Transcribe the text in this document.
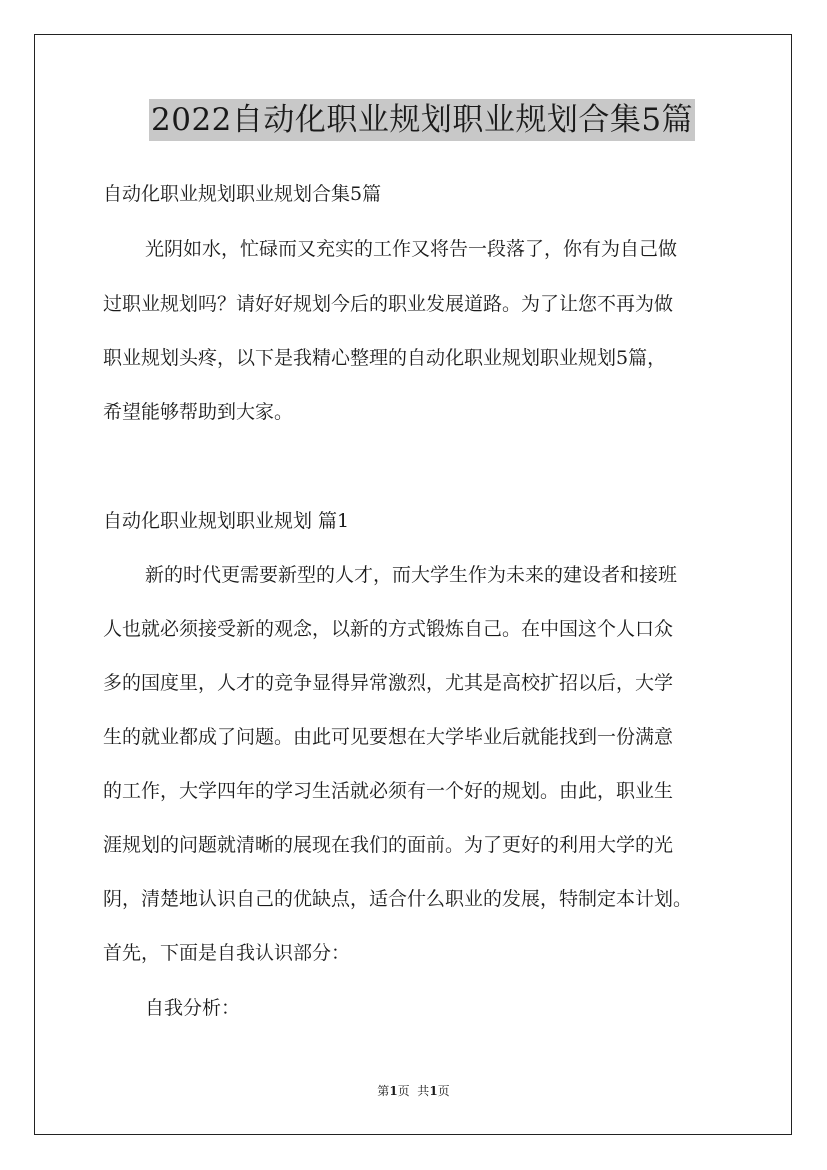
2022自动化职业规划职业规划合集5篇
自动化职业规划职业规划合集5篇
光阴如水，忙碌而又充实的工作又将告一段落了，你有为自己做
过职业规划吗？请好好规划今后的职业发展道路。为了让您不再为做
职业规划头疼，以下是我精心整理的自动化职业规划职业规划5篇，
希望能够帮助到大家。
自动化职业规划职业规划 篇1
新的时代更需要新型的人才，而大学生作为未来的建设者和接班
人也就必须接受新的观念，以新的方式锻炼自己。在中国这个人口众
多的国度里，人才的竞争显得异常激烈，尤其是高校扩招以后，大学
生的就业都成了问题。由此可见要想在大学毕业后就能找到一份满意
的工作，大学四年的学习生活就必须有一个好的规划。由此，职业生
涯规划的问题就清晰的展现在我们的面前。为了更好的利用大学的光
阴，清楚地认识自己的优缺点，适合什么职业的发展，特制定本计划。
首先，下面是自我认识部分：
自我分析：
第1页  共1页
